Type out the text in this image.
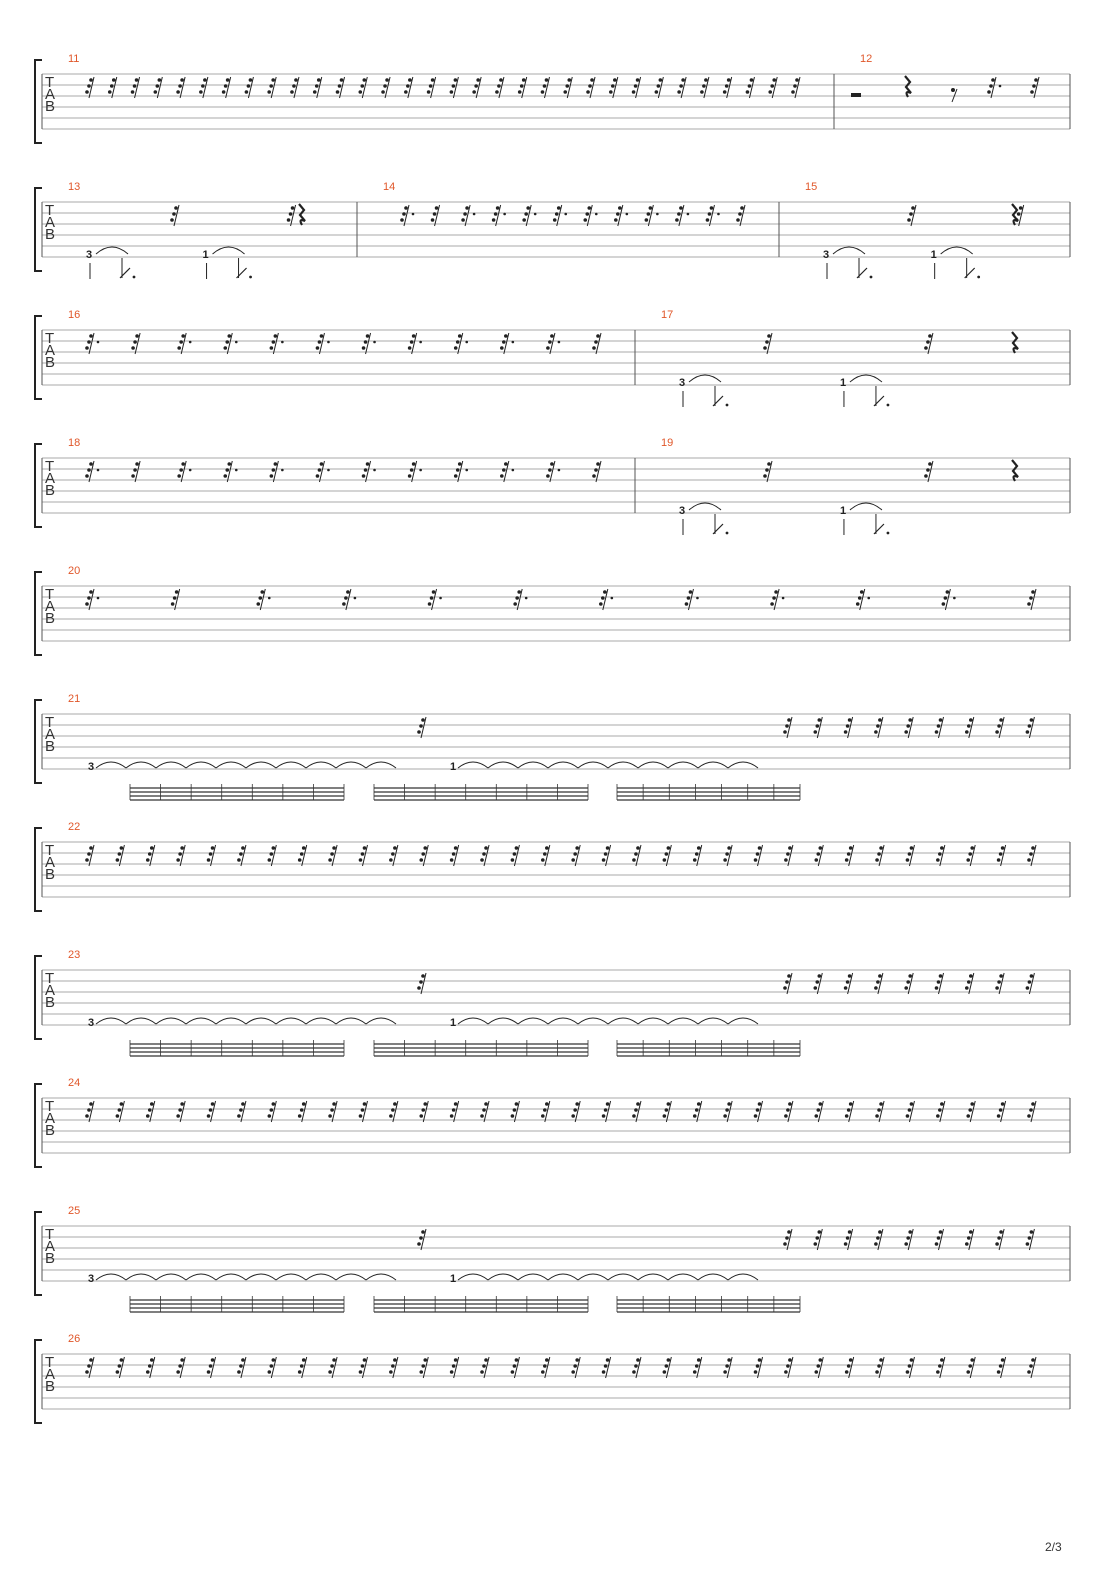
T
A
B
11	12
T
A
B
13
3	1
14	15
3	1
T
A
B
16	17
3	1
T
A
B
18	19
3	1
T
A
B
20
T
A
B
21
3	1
T
A
B
22
T
A
B
23
3	1
T
A
B
24
T
A
B
25
3	1
T
A
B
26
2/3
